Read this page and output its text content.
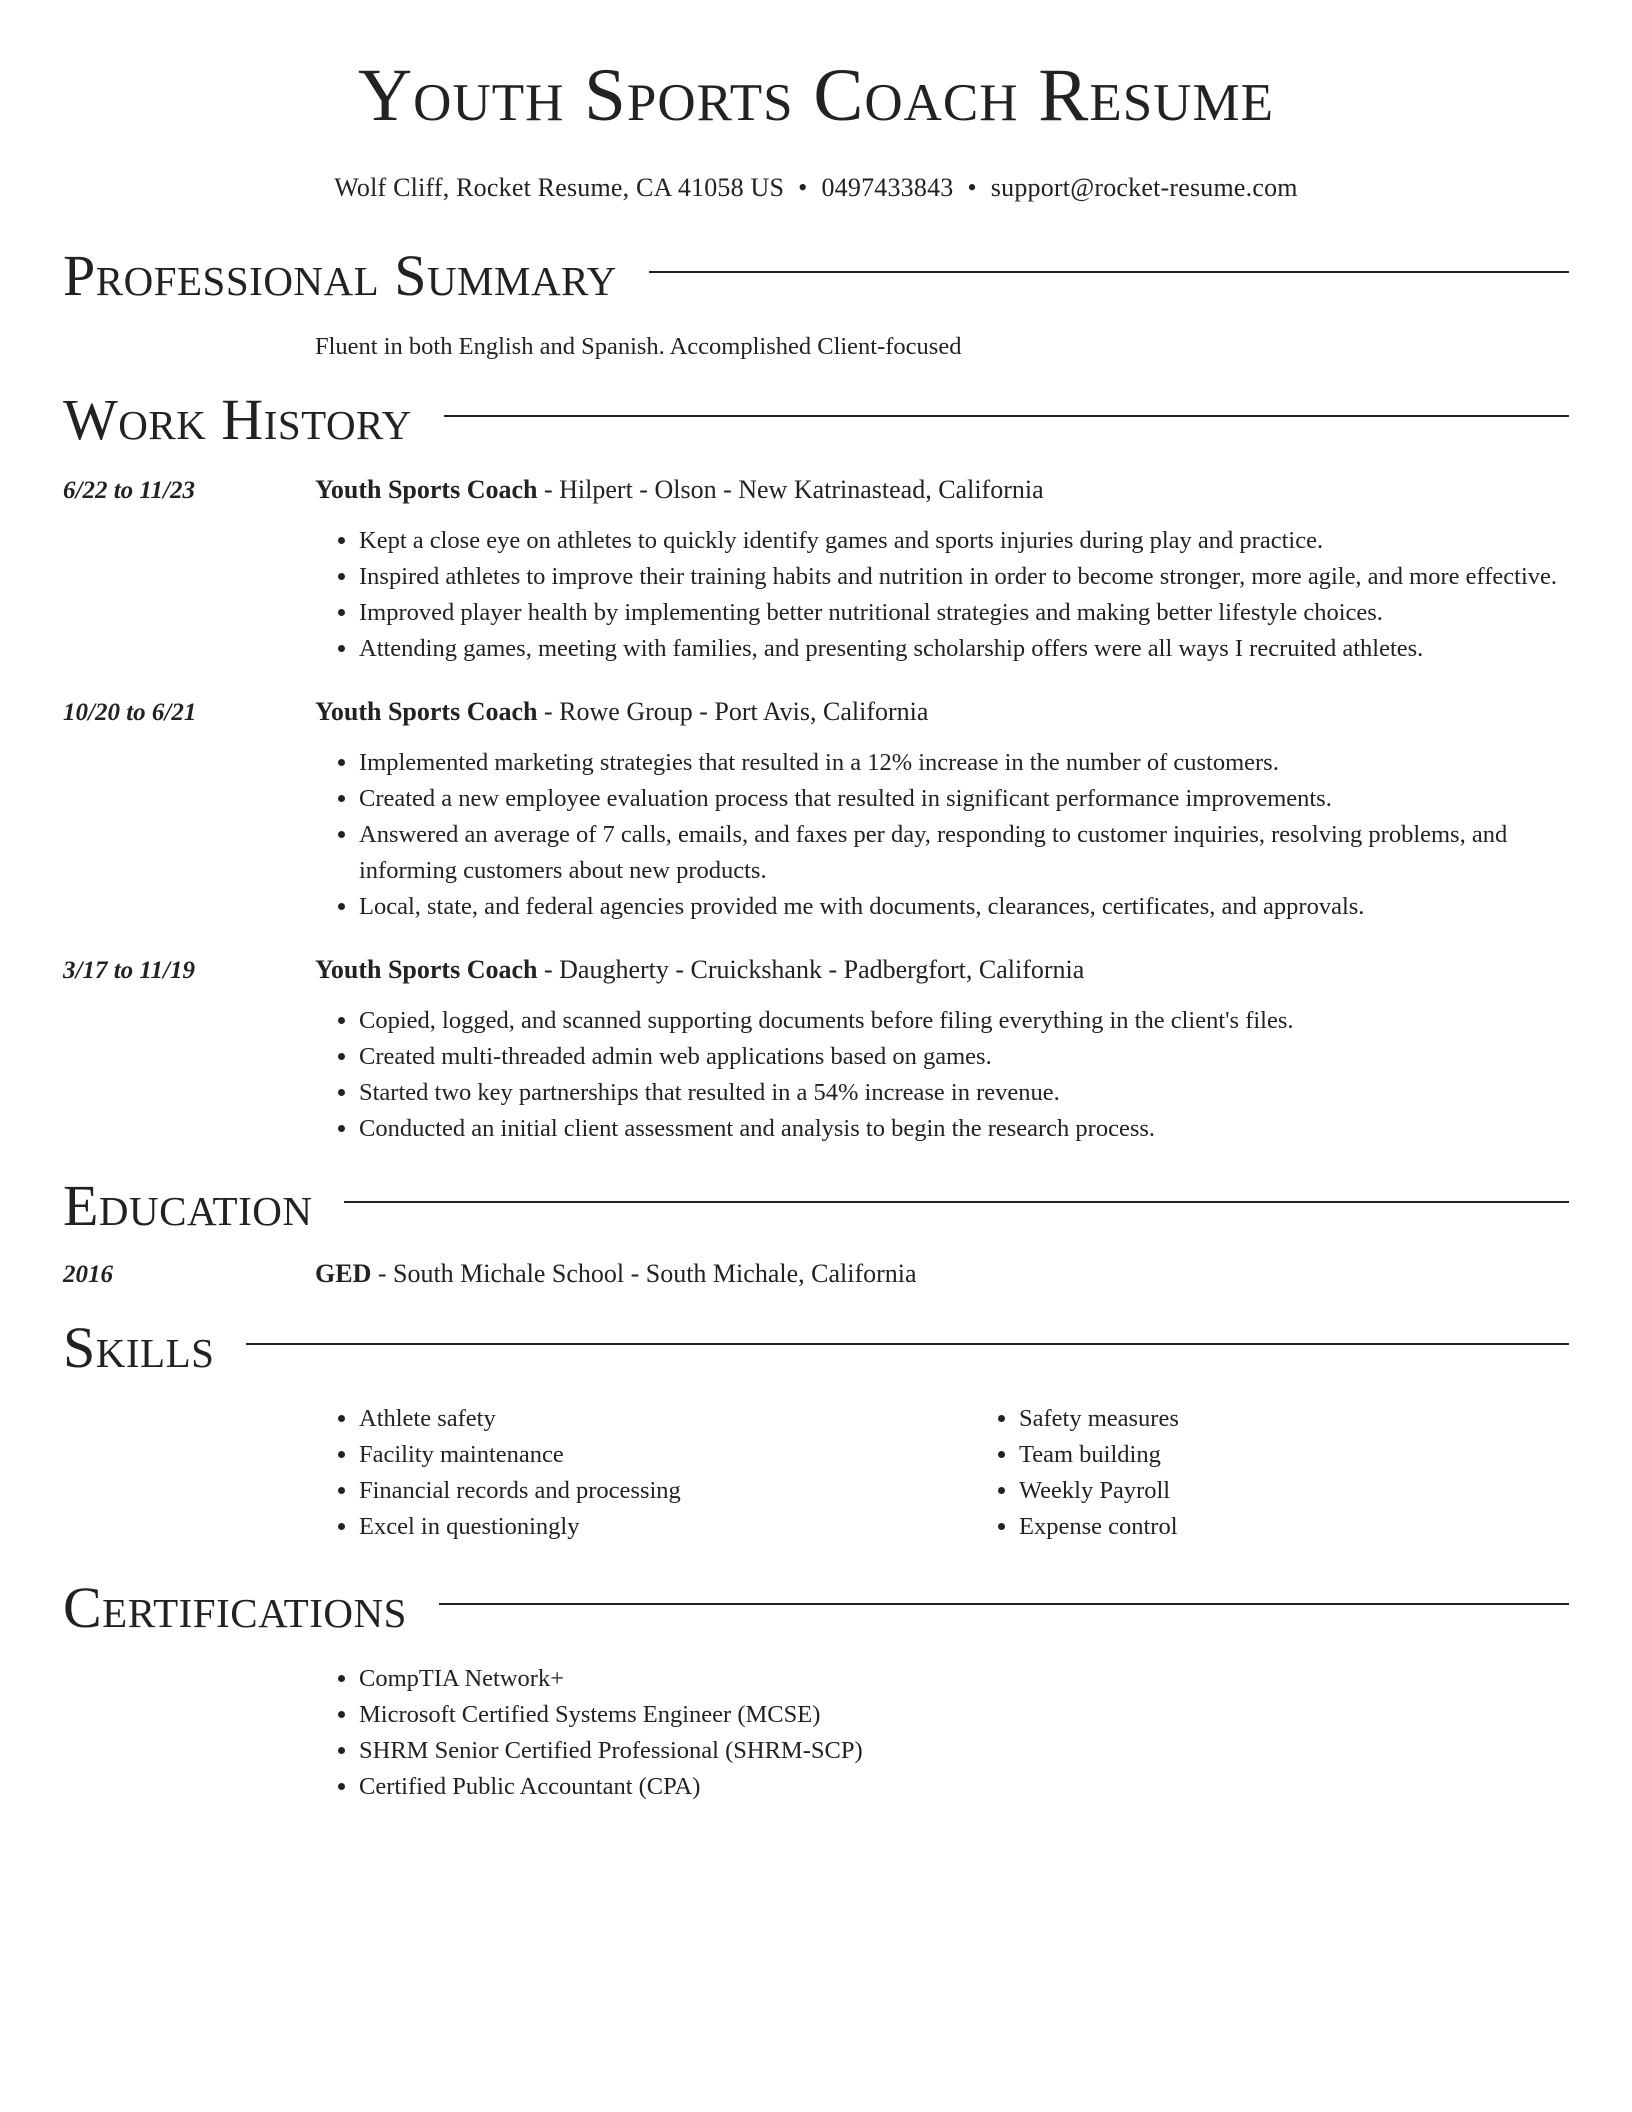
Youth Sports Coach Resume
Wolf Cliff, Rocket Resume, CA 41058 US • 0497433843 • support@rocket-resume.com
Professional Summary
Fluent in both English and Spanish. Accomplished Client-focused
Work History
6/22 to 11/23	Youth Sports Coach - Hilpert - Olson - New Katrinastead, California
• Kept a close eye on athletes to quickly identify games and sports injuries during play and practice.
• Inspired athletes to improve their training habits and nutrition in order to become stronger, more agile, and more effective.
• Improved player health by implementing better nutritional strategies and making better lifestyle choices.
• Attending games, meeting with families, and presenting scholarship offers were all ways I recruited athletes.
10/20 to 6/21	Youth Sports Coach - Rowe Group - Port Avis, California
• Implemented marketing strategies that resulted in a 12% increase in the number of customers.
• Created a new employee evaluation process that resulted in significant performance improvements.
• Answered an average of 7 calls, emails, and faxes per day, responding to customer inquiries, resolving problems, and informing customers about new products.
• Local, state, and federal agencies provided me with documents, clearances, certificates, and approvals.
3/17 to 11/19	Youth Sports Coach - Daugherty - Cruickshank - Padbergfort, California
• Copied, logged, and scanned supporting documents before filing everything in the client's files.
• Created multi-threaded admin web applications based on games.
• Started two key partnerships that resulted in a 54% increase in revenue.
• Conducted an initial client assessment and analysis to begin the research process.
Education
2016	GED - South Michale School - South Michale, California
Skills
• Athlete safety
• Facility maintenance
• Financial records and processing
• Excel in questioningly
• Safety measures
• Team building
• Weekly Payroll
• Expense control
Certifications
• CompTIA Network+
• Microsoft Certified Systems Engineer (MCSE)
• SHRM Senior Certified Professional (SHRM-SCP)
• Certified Public Accountant (CPA)
